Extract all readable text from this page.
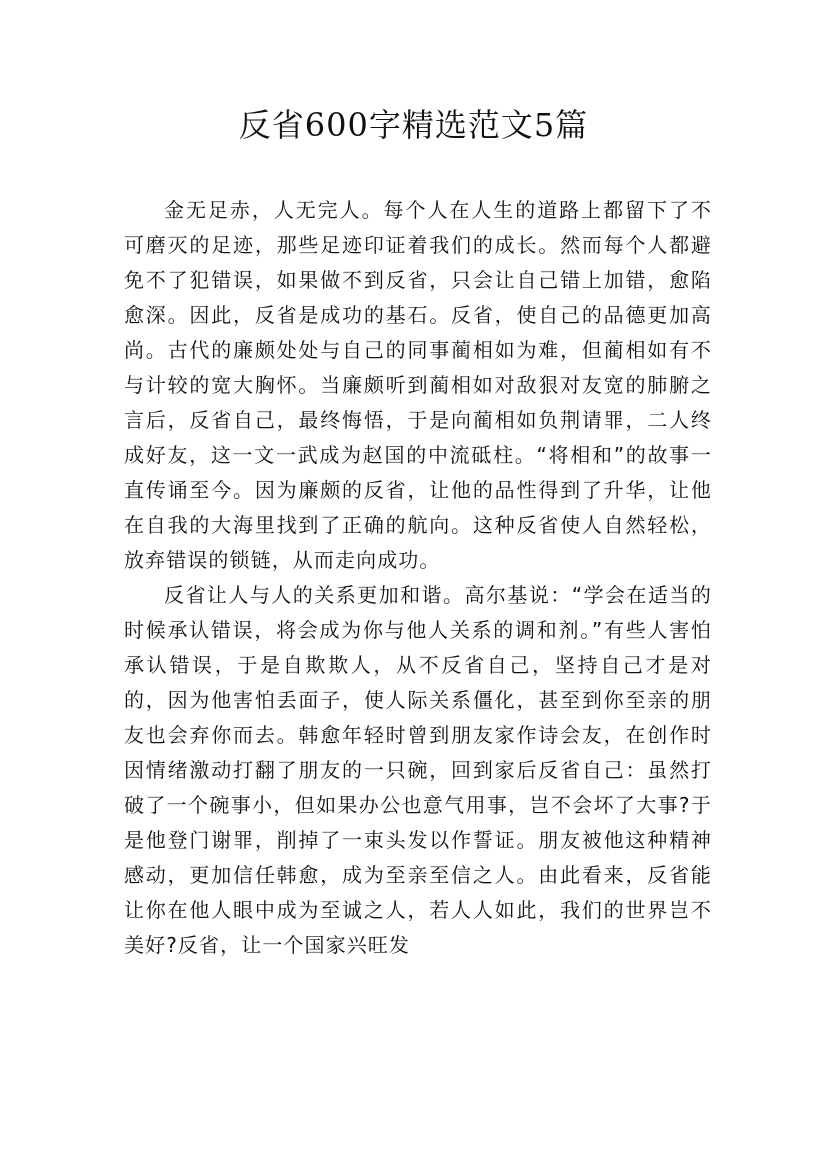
反省600字精选范文5篇

金无足赤，人无完人。每个人在人生的道路上都留下了不可磨灭的足迹，那些足迹印证着我们的成长。然而每个人都避免不了犯错误，如果做不到反省，只会让自己错上加错，愈陷愈深。因此，反省是成功的基石。反省，使自己的品德更加高尚。古代的廉颇处处与自己的同事蔺相如为难，但蔺相如有不与计较的宽大胸怀。当廉颇听到蔺相如对敌狠对友宽的肺腑之言后，反省自己，最终悔悟，于是向蔺相如负荆请罪，二人终成好友，这一文一武成为赵国的中流砥柱。“将相和”的故事一直传诵至今。因为廉颇的反省，让他的品性得到了升华，让他在自我的大海里找到了正确的航向。这种反省使人自然轻松，放弃错误的锁链，从而走向成功。

反省让人与人的关系更加和谐。高尔基说：“学会在适当的时候承认错误，将会成为你与他人关系的调和剂。”有些人害怕承认错误，于是自欺欺人，从不反省自己，坚持自己才是对的，因为他害怕丢面子，使人际关系僵化，甚至到你至亲的朋友也会弃你而去。韩愈年轻时曾到朋友家作诗会友，在创作时因情绪激动打翻了朋友的一只碗，回到家后反省自己：虽然打破了一个碗事小，但如果办公也意气用事，岂不会坏了大事?于是他登门谢罪，削掉了一束头发以作誓证。朋友被他这种精神感动，更加信任韩愈，成为至亲至信之人。由此看来，反省能让你在他人眼中成为至诚之人，若人人如此，我们的世界岂不美好?反省，让一个国家兴旺发
